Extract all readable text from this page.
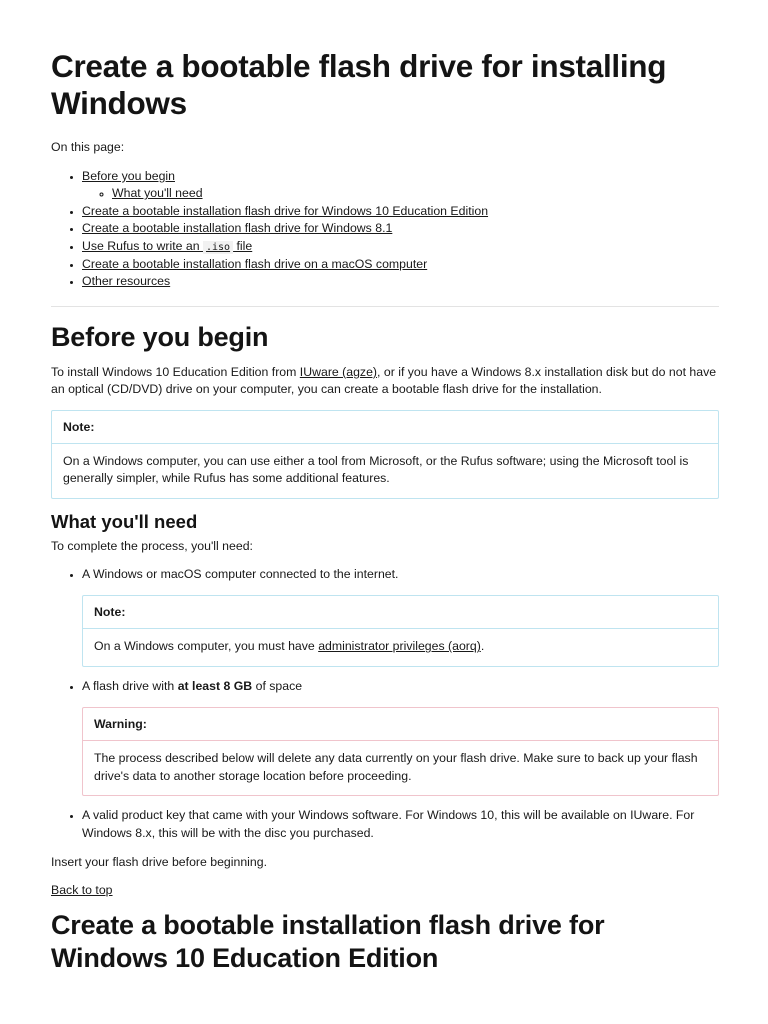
Create a bootable flash drive for installing Windows

On this page:

• Before you begin
◦ What you'll need
• Create a bootable installation flash drive for Windows 10 Education Edition
• Create a bootable installation flash drive for Windows 8.1
• Use Rufus to write an .iso file
• Create a bootable installation flash drive on a macOS computer
• Other resources
Before you begin

To install Windows 10 Education Edition from IUware (agze), or if you have a Windows 8.x installation disk but do not have an optical (CD/DVD) drive on your computer, you can create a bootable flash drive for the installation.

Note:
On a Windows computer, you can use either a tool from Microsoft, or the Rufus software; using the Microsoft tool is generally simpler, while Rufus has some additional features.
What you'll need

To complete the process, you'll need:

• A Windows or macOS computer connected to the internet.
Note:
On a Windows computer, you must have administrator privileges (aorq).
• A flash drive with at least 8 GB of space
Warning:
The process described below will delete any data currently on your flash drive. Make sure to back up your flash drive's data to another storage location before proceeding.
• A valid product key that came with your Windows software. For Windows 10, this will be available on IUware. For Windows 8.x, this will be with the disc you purchased.

Insert your flash drive before beginning.

Back to top

Create a bootable installation flash drive for Windows 10 Education Edition
